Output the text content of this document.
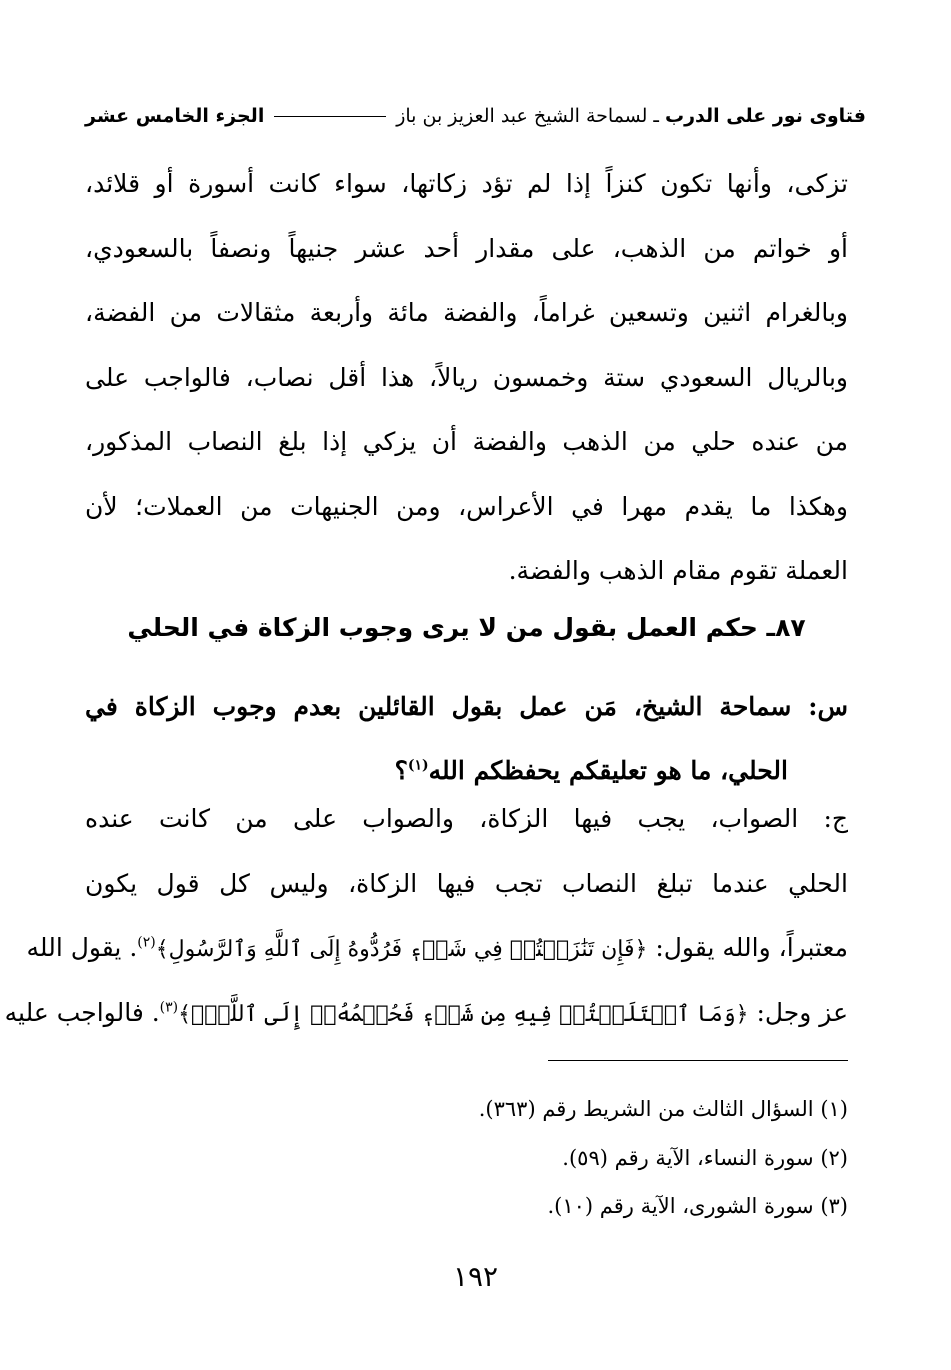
فتاوى نور على الدرب
ـ
لسماحة الشيخ عبد العزيز بن باز
الجزء الخامس عشر
تزكى، وأنها تكون كنزاً إذا لم تؤد زكاتها، سواء كانت أسورة أو قلائد،
أو خواتم من الذهب، على مقدار أحد عشر جنيهاً ونصفاً بالسعودي،
وبالغرام اثنين وتسعين غراماً، والفضة مائة وأربعة مثقالات من الفضة،
وبالريال السعودي ستة وخمسون ريالاً، هذا أقل نصاب، فالواجب على
من عنده حلي من الذهب والفضة أن يزكي إذا بلغ النصاب المذكور،
وهكذا ما يقدم مهرا في الأعراس، ومن الجنيهات من العملات؛ لأن
العملة تقوم مقام الذهب والفضة.
٨٧ـ حكم العمل بقول من لا يرى وجوب الزكاة في الحلي
س: سماحة الشيخ، مَن عمل بقول القائلين بعدم وجوب الزكاة في
الحلي، ما هو تعليقكم يحفظكم الله$^{(١)}$؟
ج: الصواب، يجب فيها الزكاة، والصواب على من كانت عنده
الحلي عندما تبلغ النصاب تجب فيها الزكاة، وليس كل قول يكون
معتبراً، والله يقول: ﴿فَإِن تَنَٰزَعۡتُمۡ فِي شَيۡءٖ فَرُدُّوهُ إِلَى ٱللَّهِ وَٱلرَّسُولِ﴾$^{(٢)}$. يقول الله
عز وجل: ﴿وَمَا ٱخۡتَلَفۡتُمۡ فِيهِ مِن شَيۡءٖ فَحُكۡمُهُۥٓ إِلَى ٱللَّهِۚ﴾$^{(٣)}$. فالواجب عليه
(١) السؤال الثالث من الشريط رقم (٣٦٣).
(٢) سورة النساء، الآية رقم (٥٩).
(٣) سورة الشورى، الآية رقم (١٠).
١٩٢
